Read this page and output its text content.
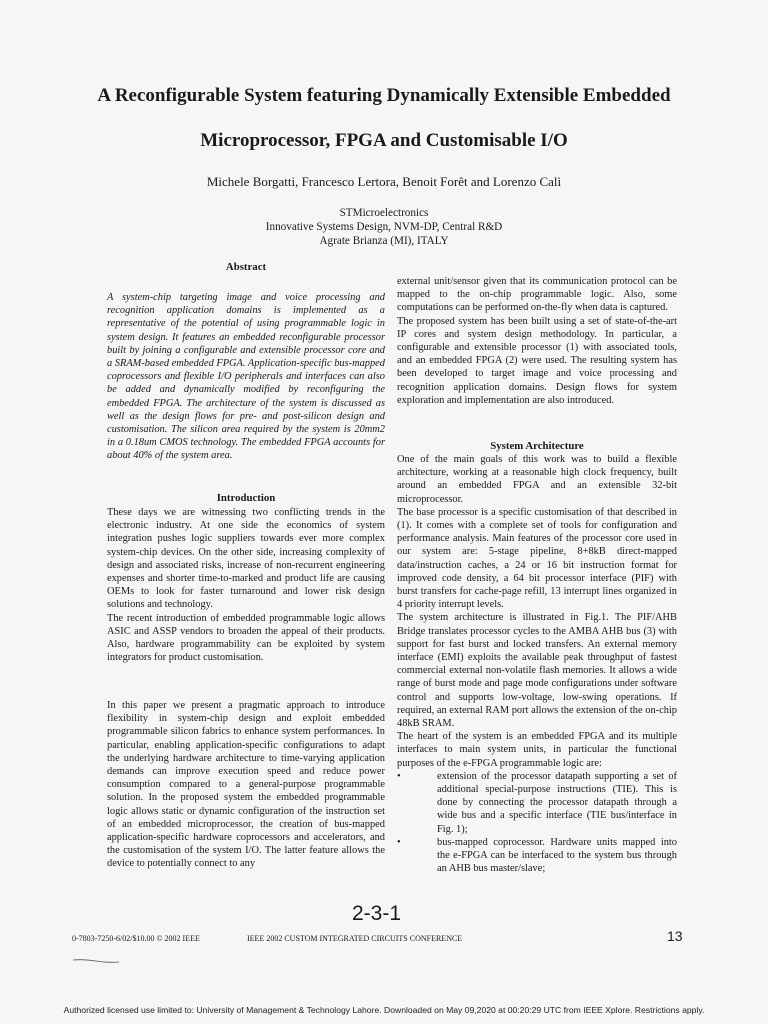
A Reconfigurable System featuring Dynamically Extensible Embedded
Microprocessor, FPGA and Customisable I/O
Michele Borgatti, Francesco Lertora, Benoit Forêt and Lorenzo Calì
STMicroelectronics
Innovative Systems Design, NVM-DP, Central R&D
Agrate Brianza (MI), ITALY
Abstract
A system-chip targeting image and voice processing and recognition application domains is implemented as a representative of the potential of using programmable logic in system design. It features an embedded reconfigurable processor built by joining a configurable and extensible processor core and a SRAM-based embedded FPGA. Application-specific bus-mapped coprocessors and flexible I/O peripherals and interfaces can also be added and dynamically modified by reconfiguring the embedded FPGA. The architecture of the system is discussed as well as the design flows for pre- and post-silicon design and customisation. The silicon area required by the system is 20mm2 in a 0.18um CMOS technology. The embedded FPGA accounts for about 40% of the system area.
Introduction

These days we are witnessing two conflicting trends in the electronic industry. At one side the economics of system integration pushes logic suppliers towards ever more complex system-chip devices. On the other side, increasing complexity of design and associated risks, increase of non-recurrent engineering expenses and shorter time-to-marked and product life are causing OEMs to look for faster turnaround and lower risk design solutions and technology.

The recent introduction of embedded programmable logic allows ASIC and ASSP vendors to broaden the appeal of their products. Also, hardware programmability can be exploited by system integrators for product customisation.

In this paper we present a pragmatic approach to introduce flexibility in system-chip design and exploit embedded programmable silicon fabrics to enhance system performances. In particular, enabling application-specific configurations to adapt the underlying hardware architecture to time-varying application demands can improve execution speed and reduce power consumption compared to a general-purpose programmable solution. In the proposed system the embedded programmable logic allows static or dynamic configuration of the instruction set of an embedded microprocessor, the creation of bus-mapped application-specific hardware coprocessors and accelerators, and the customisation of the system I/O. The latter feature allows the device to potentially connect to any

external unit/sensor given that its communication protocol can be mapped to the on-chip programmable logic. Also, some computations can be performed on-the-fly when data is captured.

The proposed system has been built using a set of state-of-the-art IP cores and system design methodology. In particular, a configurable and extensible processor (1) with associated tools, and an embedded FPGA (2) were used. The resulting system has been developed to target image and voice processing and recognition application domains. Design flows for system exploration and implementation are also introduced.

System Architecture

One of the main goals of this work was to build a flexible architecture, working at a reasonable high clock frequency, built around an embedded FPGA and an extensible 32-bit microprocessor.

The base processor is a specific customisation of that described in (1). It comes with a complete set of tools for configuration and performance analysis. Main features of the processor core used in our system are: 5-stage pipeline, 8+8kB direct-mapped data/instruction caches, a 24 or 16 bit instruction format for improved code density, a 64 bit processor interface (PIF) with burst transfers for cache-page refill, 13 interrupt lines organized in 4 priority interrupt levels.

The system architecture is illustrated in Fig.1. The PIF/AHB Bridge translates processor cycles to the AMBA AHB bus (3) with support for fast burst and locked transfers. An external memory interface (EMI) exploits the available peak throughput of fastest commercial external non-volatile flash memories. It allows a wide range of burst mode and page mode configurations under software control and supports low-voltage, low-swing operations. If required, an external RAM port allows the extension of the on-chip 48kB SRAM.

The heart of the system is an embedded FPGA and its multiple interfaces to main system units, in particular the functional purposes of the e-FPGA programmable logic are:

•	extension of the processor datapath supporting a set of additional special-purpose instructions (TIE). This is done by connecting the processor datapath through a wide bus and a specific interface (TIE bus/interface in Fig. 1);
•	bus-mapped coprocessor. Hardware units mapped into the e-FPGA can be interfaced to the system bus through an AHB bus master/slave;
2-3-1
0-7803-7250-6/02/$10.00 © 2002 IEEE	IEEE 2002 CUSTOM INTEGRATED CIRCUITS CONFERENCE	13
Authorized licensed use limited to: University of Management & Technology Lahore. Downloaded on May 09,2020 at 00:20:29 UTC from IEEE Xplore. Restrictions apply.
